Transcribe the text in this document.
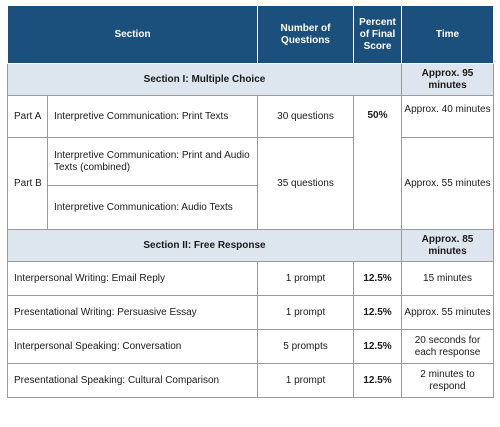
Section		Number of Questions	Percent of Final Score	Time
Section I: Multiple Choice				Approx. 95 minutes
Part A	Interpretive Communication: Print Texts	30 questions	50%	Approx. 40 minutes
Part B	Interpretive Communication: Print and Audio Texts (combined)	35 questions		Approx. 55 minutes
	Interpretive Communication: Audio Texts			
Section II: Free Response				Approx. 85 minutes
Interpersonal Writing: Email Reply		1 prompt	12.5%	15 minutes
Presentational Writing: Persuasive Essay		1 prompt	12.5%	Approx. 55 minutes
Interpersonal Speaking: Conversation		5 prompts	12.5%	20 seconds for each response
Presentational Speaking: Cultural Comparison		1 prompt	12.5%	2 minutes to respond
